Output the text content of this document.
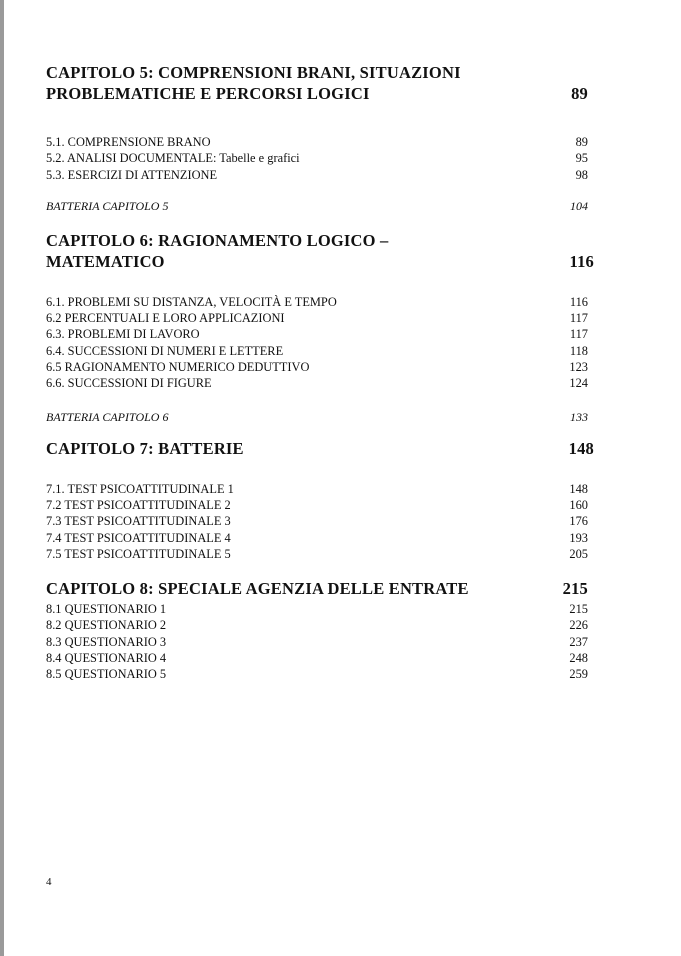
CAPITOLO 5: COMPRENSIONI BRANI, SITUAZIONI
PROBLEMATICHE E PERCORSI LOGICI	89
5.1. COMPRENSIONE BRANO	89
5.2. ANALISI DOCUMENTALE: Tabelle e grafici	95
5.3. ESERCIZI DI ATTENZIONE	98
BATTERIA CAPITOLO 5	104
CAPITOLO 6: RAGIONAMENTO LOGICO – MATEMATICO	116
6.1. PROBLEMI SU DISTANZA, VELOCITÀ E TEMPO	116
6.2 PERCENTUALI E LORO APPLICAZIONI	117
6.3. PROBLEMI DI LAVORO	117
6.4. SUCCESSIONI DI NUMERI E LETTERE	118
6.5 RAGIONAMENTO NUMERICO DEDUTTIVO	123
6.6. SUCCESSIONI DI FIGURE	124
BATTERIA CAPITOLO 6	133
CAPITOLO 7: BATTERIE	148
7.1. TEST PSICOATTITUDINALE 1	148
7.2 TEST PSICOATTITUDINALE 2	160
7.3 TEST PSICOATTITUDINALE 3	176
7.4 TEST PSICOATTITUDINALE 4	193
7.5 TEST PSICOATTITUDINALE 5	205
CAPITOLO 8: SPECIALE AGENZIA DELLE ENTRATE	215
8.1 QUESTIONARIO 1	215
8.2 QUESTIONARIO 2	226
8.3 QUESTIONARIO 3	237
8.4 QUESTIONARIO 4	248
8.5 QUESTIONARIO 5	259
4
